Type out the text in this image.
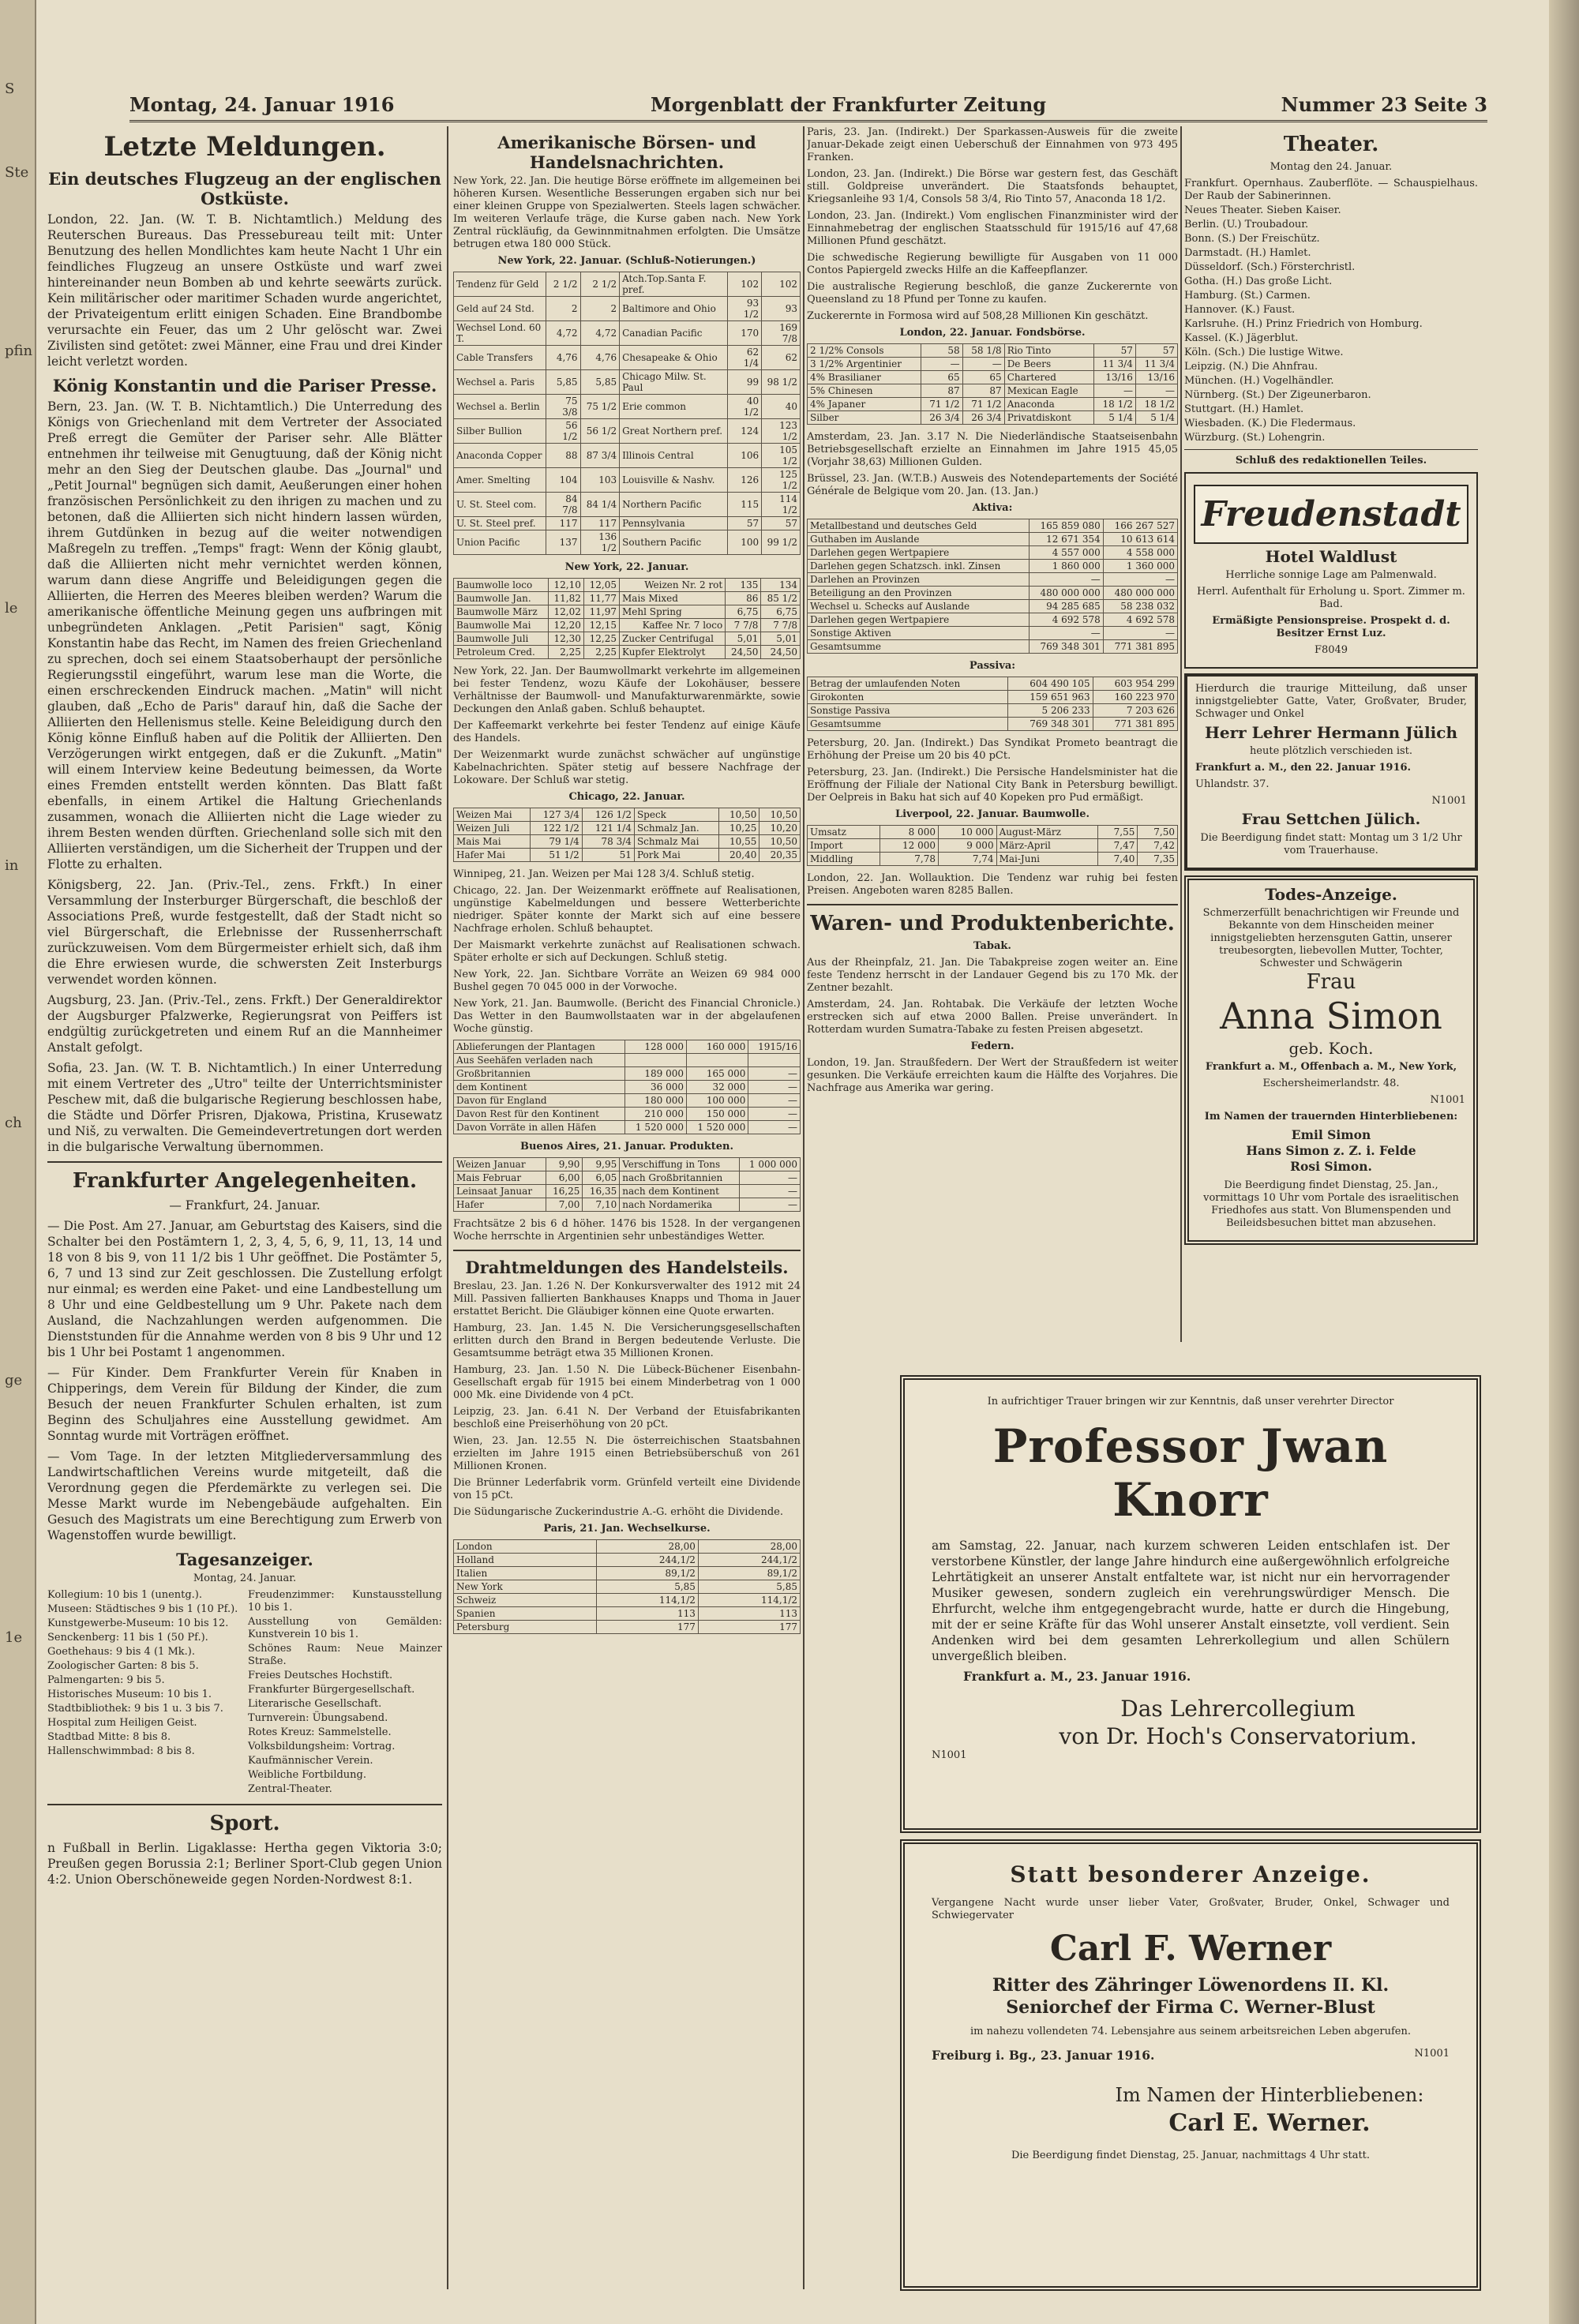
S
Ste
pfin
le
in
ch
ge
1e
Montag, 24. Januar 1916	Morgenblatt der Frankfurter Zeitung	Nummer 23 Seite 3
Letzte Meldungen.
Ein deutsches Flugzeug an der englischen Ostküste.

London, 22. Jan. (W. T. B. Nichtamtlich.) Meldung des Reuterschen Bureaus. Das Pressebureau teilt mit: Unter Benutzung des hellen Mondlichtes kam heute Nacht 1 Uhr ein feindliches Flugzeug an unsere Ostküste und warf zwei hintereinander neun Bomben ab und kehrte seewärts zurück. Kein militärischer oder maritimer Schaden wurde angerichtet, der Privateigentum erlitt einigen Schaden. Eine Brandbombe verursachte ein Feuer, das um 2 Uhr gelöscht war. Zwei Zivilisten sind getötet: zwei Männer, eine Frau und drei Kinder leicht verletzt worden.

König Konstantin und die Pariser Presse.

Bern, 23. Jan. (W. T. B. Nichtamtlich.) Die Unterredung des Königs von Griechenland mit dem Vertreter der Associated Preß erregt die Gemüter der Pariser sehr. Alle Blätter entnehmen ihr teilweise mit Genugtuung, daß der König nicht mehr an den Sieg der Deutschen glaube. Das „Journal" und „Petit Journal" begnügen sich damit, Aeußerungen einer hohen französischen Persönlichkeit zu den ihrigen zu machen und zu betonen, daß die Alliierten sich nicht hindern lassen würden, ihrem Gutdünken in bezug auf die weiter notwendigen Maßregeln zu treffen. „Temps" fragt: Wenn der König glaubt, daß die Alliierten nicht mehr vernichtet werden können, warum dann diese Angriffe und Beleidigungen gegen die Alliierten, die Herren des Meeres bleiben werden? Warum die amerikanische öffentliche Meinung gegen uns aufbringen mit unbegründeten Anklagen. „Petit Parisien" sagt, König Konstantin habe das Recht, im Namen des freien Griechenland zu sprechen, doch sei einem Staatsoberhaupt der persönliche Regierungsstil eingeführt, warum lese man die Worte, die einen erschreckenden Eindruck machen. „Matin" will nicht glauben, daß „Echo de Paris" darauf hin, daß die Sache der Alliierten den Hellenismus stelle. Keine Beleidigung durch den König könne Einfluß haben auf die Politik der Alliierten. Den Verzögerungen wirkt entgegen, daß er die Zukunft. „Matin" will einem Interview keine Bedeutung beimessen, da Worte eines Fremden entstellt werden könnten. Das Blatt faßt ebenfalls, in einem Artikel die Haltung Griechenlands zusammen, wonach die Alliierten nicht die Lage wieder zu ihrem Besten wenden dürften. Griechenland solle sich mit den Alliierten verständigen, um die Sicherheit der Truppen und der Flotte zu erhalten.

Königsberg, 22. Jan. (Priv.-Tel., zens. Frkft.) In einer Versammlung der Insterburger Bürgerschaft, die beschloß der Associations Preß, wurde festgestellt, daß der Stadt nicht so viel Bürgerschaft, die Erlebnisse der Russenherrschaft zurückzuweisen. Vom dem Bürgermeister erhielt sich, daß ihm die Ehre erwiesen wurde, die schwersten Zeit Insterburgs verwendet worden können.

Augsburg, 23. Jan. (Priv.-Tel., zens. Frkft.) Der Generaldirektor der Augsburger Pfalzwerke, Regierungsrat von Peiffers ist endgültig zurückgetreten und einem Ruf an die Mannheimer Anstalt gefolgt.

Sofia, 23. Jan. (W. T. B. Nichtamtlich.) In einer Unterredung mit einem Vertreter des „Utro" teilte der Unterrichtsminister Peschew mit, daß die bulgarische Regierung beschlossen habe, die Städte und Dörfer Prisren, Djakowa, Pristina, Krusewatz und Niš, zu verwalten. Die Gemeindevertretungen dort werden in die bulgarische Verwaltung übernommen.

Frankfurter Angelegenheiten.

— Frankfurt, 24. Januar.

— Die Post. Am 27. Januar, am Geburtstag des Kaisers, sind die Schalter bei den Postämtern 1, 2, 3, 4, 5, 6, 9, 11, 13, 14 und 18 von 8 bis 9, von 11 1/2 bis 1 Uhr geöffnet. Die Postämter 5, 6, 7 und 13 sind zur Zeit geschlossen. Die Zustellung erfolgt nur einmal; es werden eine Paket- und eine Landbestellung um 8 Uhr und eine Geldbestellung um 9 Uhr. Pakete nach dem Ausland, die Nachzahlungen werden aufgenommen. Die Dienststunden für die Annahme werden von 8 bis 9 Uhr und 12 bis 1 Uhr bei Postamt 1 angenommen.

— Für Kinder. Dem Frankfurter Verein für Knaben in Chipperings, dem Verein für Bildung der Kinder, die zum Besuch der neuen Frankfurter Schulen erhalten, ist zum Beginn des Schuljahres eine Ausstellung gewidmet. Am Sonntag wurde mit Vorträgen eröffnet.

— Vom Tage. In der letzten Mitgliederversammlung des Landwirtschaftlichen Vereins wurde mitgeteilt, daß die Verordnung gegen die Pferdemärkte zu verlegen sei. Die Messe Markt wurde im Nebengebäude aufgehalten. Ein Gesuch des Magistrats um eine Berechtigung zum Erwerb von Wagenstoffen wurde bewilligt.

Tagesanzeiger.

Montag, 24. Januar.

Kollegium: 10 bis 1 (unentg.).

Museen: Städtisches 9 bis 1 (10 Pf.).

Kunstgewerbe-Museum: 10 bis 12.

Senckenberg: 11 bis 1 (50 Pf.).

Goethehaus: 9 bis 4 (1 Mk.).

Zoologischer Garten: 8 bis 5.

Palmengarten: 9 bis 5.

Historisches Museum: 10 bis 1.

Stadtbibliothek: 9 bis 1 u. 3 bis 7.

Hospital zum Heiligen Geist.

Stadtbad Mitte: 8 bis 8.

Hallenschwimmbad: 8 bis 8.

Freudenzimmer: Kunstausstellung 10 bis 1.

Ausstellung von Gemälden: Kunstverein 10 bis 1.

Schönes Raum: Neue Mainzer Straße.

Freies Deutsches Hochstift.

Frankfurter Bürgergesellschaft.

Literarische Gesellschaft.

Turnverein: Übungsabend.

Rotes Kreuz: Sammelstelle.

Volksbildungsheim: Vortrag.

Kaufmännischer Verein.

Weibliche Fortbildung.

Zentral-Theater.

Sport.

n Fußball in Berlin. Ligaklasse: Hertha gegen Viktoria 3:0; Preußen gegen Borussia 2:1; Berliner Sport-Club gegen Union 4:2. Union Oberschöneweide gegen Norden-Nordwest 8:1.

Amerikanische Börsen- und Handelsnachrichten.

New York, 22. Jan. Die heutige Börse eröffnete im allgemeinen bei höheren Kursen. Wesentliche Besserungen ergaben sich nur bei einer kleinen Gruppe von Spezialwerten. Steels lagen schwächer. Im weiteren Verlaufe träge, die Kurse gaben nach. New York Zentral rückläufig, da Gewinnmitnahmen erfolgten. Die Umsätze betrugen etwa 180 000 Stück.

New York, 22. Januar. (Schluß-Notierungen.)

Tendenz für Geld	2 1/2	2 1/2	Atch.Top.Santa F. pref.	102	102
Geld auf 24 Std.	2	2	Baltimore and Ohio	93 1/2	93
Wechsel Lond. 60 T.	4,72	4,72	Canadian Pacific	170	169 7/8
Cable Transfers	4,76	4,76	Chesapeake & Ohio	62 1/4	62
Wechsel a. Paris	5,85	5,85	Chicago Milw. St. Paul	99	98 1/2
Wechsel a. Berlin	75 3/8	75 1/2	Erie common	40 1/2	40
Silber Bullion	56 1/2	56 1/2	Great Northern pref.	124	123 1/2
Anaconda Copper	88	87 3/4	Illinois Central	106	105 1/2
Amer. Smelting	104	103	Louisville & Nashv.	126	125 1/2
U. St. Steel com.	84 7/8	84 1/4	Northern Pacific	115	114 1/2
U. St. Steel pref.	117	117	Pennsylvania	57	57
Union Pacific	137	136 1/2	Southern Pacific	100	99 1/2

New York, 22. Januar.

Baumwolle loco	12,10	12,05	Weizen Nr. 2 rot	135	134
Baumwolle Jan.	11,82	11,77	Mais Mixed	86	85 1/2
Baumwolle März	12,02	11,97	Mehl Spring	6,75	6,75
Baumwolle Mai	12,20	12,15	Kaffee Nr. 7 loco	7 7/8	7 7/8
Baumwolle Juli	12,30	12,25	Zucker Centrifugal	5,01	5,01
Petroleum Cred.	2,25	2,25	Kupfer Elektrolyt	24,50	24,50

New York, 22. Jan. Der Baumwollmarkt verkehrte im allgemeinen bei fester Tendenz, wozu Käufe der Lokohäuser, bessere Verhältnisse der Baumwoll- und Manufakturwarenmärkte, sowie Deckungen den Anlaß gaben. Schluß behauptet.

Der Kaffeemarkt verkehrte bei fester Tendenz auf einige Käufe des Handels.

Der Weizenmarkt wurde zunächst schwächer auf ungünstige Kabelnachrichten. Später stetig auf bessere Nachfrage der Lokoware. Der Schluß war stetig.

Chicago, 22. Januar.

Weizen Mai	127 3/4	126 1/2	Speck	10,50	10,50
Weizen Juli	122 1/2	121 1/4	Schmalz Jan.	10,25	10,20
Mais Mai	79 1/4	78 3/4	Schmalz Mai	10,55	10,50
Hafer Mai	51 1/2	51	Pork Mai	20,40	20,35

Winnipeg, 21. Jan. Weizen per Mai 128 3/4. Schluß stetig.

Chicago, 22. Jan. Der Weizenmarkt eröffnete auf Realisationen, ungünstige Kabelmeldungen und bessere Wetterberichte niedriger. Später konnte der Markt sich auf eine bessere Nachfrage erholen. Schluß behauptet.

Der Maismarkt verkehrte zunächst auf Realisationen schwach. Später erholte er sich auf Deckungen. Schluß stetig.

New York, 22. Jan. Sichtbare Vorräte an Weizen 69 984 000 Bushel gegen 70 045 000 in der Vorwoche.

New York, 21. Jan. Baumwolle. (Bericht des Financial Chronicle.) Das Wetter in den Baumwollstaaten war in der abgelaufenen Woche günstig.

Ablieferungen der Plantagen	128 000	160 000	1915/16
Aus Seehäfen verladen nach			
Großbritannien	189 000	165 000	—
dem Kontinent	36 000	32 000	—
Davon für England	180 000	100 000	—
Davon Rest für den Kontinent	210 000	150 000	—
Davon Vorräte in allen Häfen	1 520 000	1 520 000	—

Buenos Aires, 21. Januar. Produkten.

Weizen Januar	9,90	9,95	Verschiffung in Tons	1 000 000
Mais Februar	6,00	6,05	nach Großbritannien	—
Leinsaat Januar	16,25	16,35	nach dem Kontinent	—
Hafer	7,00	7,10	nach Nordamerika	—

Frachtsätze 2 bis 6 d höher. 1476 bis 1528. In der vergangenen Woche herrschte in Argentinien sehr unbeständiges Wetter.

Drahtmeldungen des Handelsteils.

Breslau, 23. Jan. 1.26 N. Der Konkursverwalter des 1912 mit 24 Mill. Passiven fallierten Bankhauses Knapps und Thoma in Jauer erstattet Bericht. Die Gläubiger können eine Quote erwarten.

Hamburg, 23. Jan. 1.45 N. Die Versicherungsgesellschaften erlitten durch den Brand in Bergen bedeutende Verluste. Die Gesamtsumme beträgt etwa 35 Millionen Kronen.

Hamburg, 23. Jan. 1.50 N. Die Lübeck-Büchener Eisenbahn-Gesellschaft ergab für 1915 bei einem Minderbetrag von 1 000 000 Mk. eine Dividende von 4 pCt.

Leipzig, 23. Jan. 6.41 N. Der Verband der Etuisfabrikanten beschloß eine Preiserhöhung von 20 pCt.

Wien, 23. Jan. 12.55 N. Die österreichischen Staatsbahnen erzielten im Jahre 1915 einen Betriebsüberschuß von 261 Millionen Kronen.

Die Brünner Lederfabrik vorm. Grünfeld verteilt eine Dividende von 15 pCt.

Die Südungarische Zuckerindustrie A.-G. erhöht die Dividende.

Paris, 21. Jan. Wechselkurse.

London	28,00	28,00
Holland	244,1/2	244,1/2
Italien	89,1/2	89,1/2
New York	5,85	5,85
Schweiz	114,1/2	114,1/2
Spanien	113	113
Petersburg	177	177

Paris, 23. Jan. (Indirekt.) Der Sparkassen-Ausweis für die zweite Januar-Dekade zeigt einen Ueberschuß der Einnahmen von 973 495 Franken.

London, 23. Jan. (Indirekt.) Die Börse war gestern fest, das Geschäft still. Goldpreise unverändert. Die Staatsfonds behauptet, Kriegsanleihe 93 1/4, Consols 58 3/4, Rio Tinto 57, Anaconda 18 1/2.

London, 23. Jan. (Indirekt.) Vom englischen Finanzminister wird der Einnahmebetrag der englischen Staatsschuld für 1915/16 auf 47,68 Millionen Pfund geschätzt.

Die schwedische Regierung bewilligte für Ausgaben von 11 000 Contos Papiergeld zwecks Hilfe an die Kaffeepflanzer.

Die australische Regierung beschloß, die ganze Zuckerernte von Queensland zu 18 Pfund per Tonne zu kaufen.

Zuckerernte in Formosa wird auf 508,28 Millionen Kin geschätzt.

London, 22. Januar. Fondsbörse.

2 1/2% Consols	58	58 1/8	Rio Tinto	57	57
3 1/2% Argentinier	—	—	De Beers	11 3/4	11 3/4
4% Brasilianer	65	65	Chartered	13/16	13/16
5% Chinesen	87	87	Mexican Eagle	—	—
4% Japaner	71 1/2	71 1/2	Anaconda	18 1/2	18 1/2
Silber	26 3/4	26 3/4	Privatdiskont	5 1/4	5 1/4

Amsterdam, 23. Jan. 3.17 N. Die Niederländische Staatseisenbahn Betriebsgesellschaft erzielte an Einnahmen im Jahre 1915 45,05 (Vorjahr 38,63) Millionen Gulden.

Brüssel, 23. Jan. (W.T.B.) Ausweis des Notendepartements der Société Générale de Belgique vom 20. Jan. (13. Jan.)

Aktiva:

Metallbestand und deutsches Geld	165 859 080	166 267 527
Guthaben im Auslande	12 671 354	10 613 614
Darlehen gegen Wertpapiere	4 557 000	4 558 000
Darlehen gegen Schatzsch. inkl. Zinsen	1 860 000	1 360 000
Darlehen an Provinzen	—	—
Beteiligung an den Provinzen	480 000 000	480 000 000
Wechsel u. Schecks auf Auslande	94 285 685	58 238 032
Darlehen gegen Wertpapiere	4 692 578	4 692 578
Sonstige Aktiven	—	—
Gesamtsumme	769 348 301	771 381 895

Passiva:

Betrag der umlaufenden Noten	604 490 105	603 954 299
Girokonten	159 651 963	160 223 970
Sonstige Passiva	5 206 233	7 203 626
Gesamtsumme	769 348 301	771 381 895

Petersburg, 20. Jan. (Indirekt.) Das Syndikat Prometo beantragt die Erhöhung der Preise um 20 bis 40 pCt.

Petersburg, 23. Jan. (Indirekt.) Die Persische Handelsminister hat die Eröffnung der Filiale der National City Bank in Petersburg bewilligt. Der Oelpreis in Baku hat sich auf 40 Kopeken pro Pud ermäßigt.

Liverpool, 22. Januar. Baumwolle.

Umsatz	8 000	10 000	August-März	7,55	7,50
Import	12 000	9 000	März-April	7,47	7,42
Middling	7,78	7,74	Mai-Juni	7,40	7,35

London, 22. Jan. Wollauktion. Die Tendenz war ruhig bei festen Preisen. Angeboten waren 8285 Ballen.

Waren- und Produktenberichte.

Tabak.

Aus der Rheinpfalz, 21. Jan. Die Tabakpreise zogen weiter an. Eine feste Tendenz herrscht in der Landauer Gegend bis zu 170 Mk. der Zentner bezahlt.

Amsterdam, 24. Jan. Rohtabak. Die Verkäufe der letzten Woche erstrecken sich auf etwa 2000 Ballen. Preise unverändert. In Rotterdam wurden Sumatra-Tabake zu festen Preisen abgesetzt.

Federn.

London, 19. Jan. Straußfedern. Der Wert der Straußfedern ist weiter gesunken. Die Verkäufe erreichten kaum die Hälfte des Vorjahres. Die Nachfrage aus Amerika war gering.

Theater.

Montag den 24. Januar.

Frankfurt. Opernhaus. Zauberflöte. — Schauspielhaus. Der Raub der Sabinerinnen.

Neues Theater. Sieben Kaiser.

Berlin. (U.) Troubadour.

Bonn. (S.) Der Freischütz.

Darmstadt. (H.) Hamlet.

Düsseldorf. (Sch.) Försterchristl.

Gotha. (H.) Das große Licht.

Hamburg. (St.) Carmen.

Hannover. (K.) Faust.

Karlsruhe. (H.) Prinz Friedrich von Homburg.

Kassel. (K.) Jägerblut.

Köln. (Sch.) Die lustige Witwe.

Leipzig. (N.) Die Ahnfrau.

München. (H.) Vogelhändler.

Nürnberg. (St.) Der Zigeunerbaron.

Stuttgart. (H.) Hamlet.

Wiesbaden. (K.) Die Fledermaus.

Würzburg. (St.) Lohengrin.

Schluß des redaktionellen Teiles.

Freudenstadt

Hotel Waldlust

Herrliche sonnige Lage am Palmenwald.

Herrl. Aufenthalt für Erholung u. Sport. Zimmer m. Bad.

Ermäßigte Pensionspreise. Prospekt d. d. Besitzer Ernst Luz.

F8049

Hierdurch die traurige Mitteilung, daß unser innigstgeliebter Gatte, Vater, Großvater, Bruder, Schwager und Onkel

Herr Lehrer Hermann Jülich

heute plötzlich verschieden ist.

Frankfurt a. M., den 22. Januar 1916.

Uhlandstr. 37.

N1001

Frau Settchen Jülich.

Die Beerdigung findet statt: Montag um 3 1/2 Uhr vom Trauerhause.

Todes-Anzeige.

Schmerzerfüllt benachrichtigen wir Freunde und Bekannte von dem Hinscheiden meiner innigstgeliebten herzensguten Gattin, unserer treubesorgten, liebevollen Mutter, Tochter, Schwester und Schwägerin

Frau

Anna Simon

geb. Koch.

Frankfurt a. M., Offenbach a. M., New York,

Eschersheimerlandstr. 48.

N1001

Im Namen der trauernden Hinterbliebenen:

Emil Simon

Hans Simon z. Z. i. Felde

Rosi Simon.

Die Beerdigung findet Dienstag, 25. Jan., vormittags 10 Uhr vom Portale des israelitischen Friedhofes aus statt. Von Blumenspenden und Beileidsbesuchen bittet man abzusehen.

In aufrichtiger Trauer bringen wir zur Kenntnis, daß unser verehrter Director

Professor Jwan Knorr

am Samstag, 22. Januar, nach kurzem schweren Leiden entschlafen ist. Der verstorbene Künstler, der lange Jahre hindurch eine außergewöhnlich erfolgreiche Lehrtätigkeit an unserer Anstalt entfaltete war, ist nicht nur ein hervorragender Musiker gewesen, sondern zugleich ein verehrungswürdiger Mensch. Die Ehrfurcht, welche ihm entgegengebracht wurde, hatte er durch die Hingebung, mit der er seine Kräfte für das Wohl unserer Anstalt einsetzte, voll verdient. Sein Andenken wird bei dem gesamten Lehrerkollegium und allen Schülern unvergeßlich bleiben.

Frankfurt a. M., 23. Januar 1916.

Das Lehrercollegium

von Dr. Hoch's Conservatorium.

N1001

Statt besonderer Anzeige.

Vergangene Nacht wurde unser lieber Vater, Großvater, Bruder, Onkel, Schwager und Schwiegervater

Carl F. Werner

Ritter des Zähringer Löwenordens II. Kl.

Seniorchef der Firma C. Werner-Blust

im nahezu vollendeten 74. Lebensjahre aus seinem arbeitsreichen Leben abgerufen.

Freiburg i. Bg., 23. Januar 1916.	N1001

Im Namen der Hinterbliebenen:

Carl E. Werner.

Die Beerdigung findet Dienstag, 25. Januar, nachmittags 4 Uhr statt.
